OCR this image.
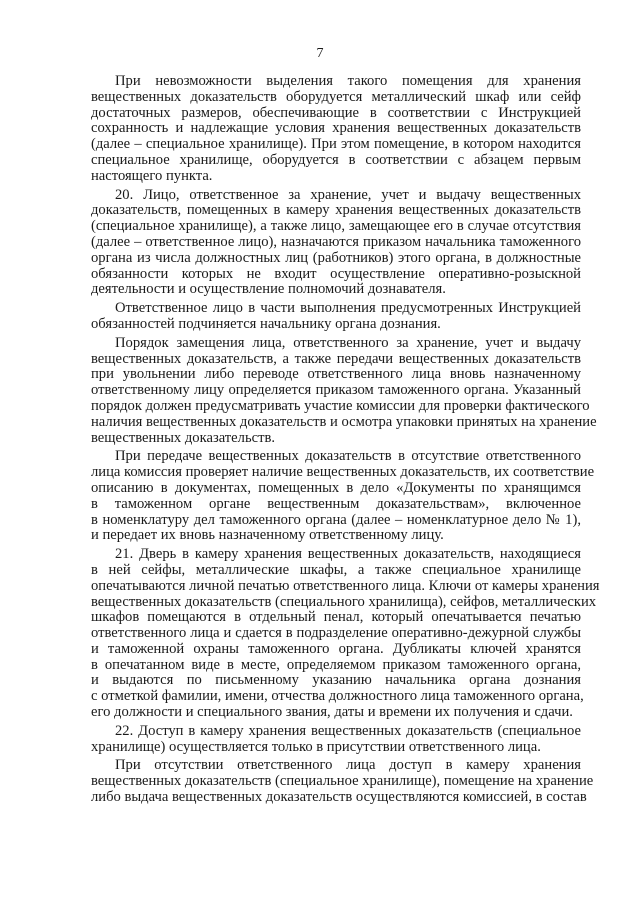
7
При невозможности выделения такого помещения для хранения
вещественных доказательств оборудуется металлический шкаф или сейф
достаточных размеров, обеспечивающие в соответствии с Инструкцией
сохранность и надлежащие условия хранения вещественных доказательств
(далее – специальное хранилище). При этом помещение, в котором находится
специальное хранилище, оборудуется в соответствии с абзацем первым
настоящего пункта.
20. Лицо, ответственное за хранение, учет и выдачу вещественных
доказательств, помещенных в камеру хранения вещественных доказательств
(специальное хранилище), а также лицо, замещающее его в случае отсутствия
(далее – ответственное лицо), назначаются приказом начальника таможенного
органа из числа должностных лиц (работников) этого органа, в должностные
обязанности которых не входит осуществление оперативно-розыскной
деятельности и осуществление полномочий дознавателя.
Ответственное лицо в части выполнения предусмотренных Инструкцией
обязанностей подчиняется начальнику органа дознания.
Порядок замещения лица, ответственного за хранение, учет и выдачу
вещественных доказательств, а также передачи вещественных доказательств
при увольнении либо переводе ответственного лица вновь назначенному
ответственному лицу определяется приказом таможенного органа. Указанный
порядок должен предусматривать участие комиссии для проверки фактического
наличия вещественных доказательств и осмотра упаковки принятых на хранение
вещественных доказательств.
При передаче вещественных доказательств в отсутствие ответственного
лица комиссия проверяет наличие вещественных доказательств, их соответствие
описанию в документах, помещенных в дело «Документы по хранящимся
в таможенном органе вещественным доказательствам», включенное
в номенклатуру дел таможенного органа (далее – номенклатурное дело № 1),
и передает их вновь назначенному ответственному лицу.
21. Дверь в камеру хранения вещественных доказательств, находящиеся
в ней сейфы, металлические шкафы, а также специальное хранилище
опечатываются личной печатью ответственного лица. Ключи от камеры хранения
вещественных доказательств (специального хранилища), сейфов, металлических
шкафов помещаются в отдельный пенал, который опечатывается печатью
ответственного лица и сдается в подразделение оперативно-дежурной службы
и таможенной охраны таможенного органа. Дубликаты ключей хранятся
в опечатанном виде в месте, определяемом приказом таможенного органа,
и выдаются по письменному указанию начальника органа дознания
с отметкой фамилии, имени, отчества должностного лица таможенного органа,
его должности и специального звания, даты и времени их получения и сдачи.
22. Доступ в камеру хранения вещественных доказательств (специальное
хранилище) осуществляется только в присутствии ответственного лица.
При отсутствии ответственного лица доступ в камеру хранения
вещественных доказательств (специальное хранилище), помещение на хранение
либо выдача вещественных доказательств осуществляются комиссией, в состав
